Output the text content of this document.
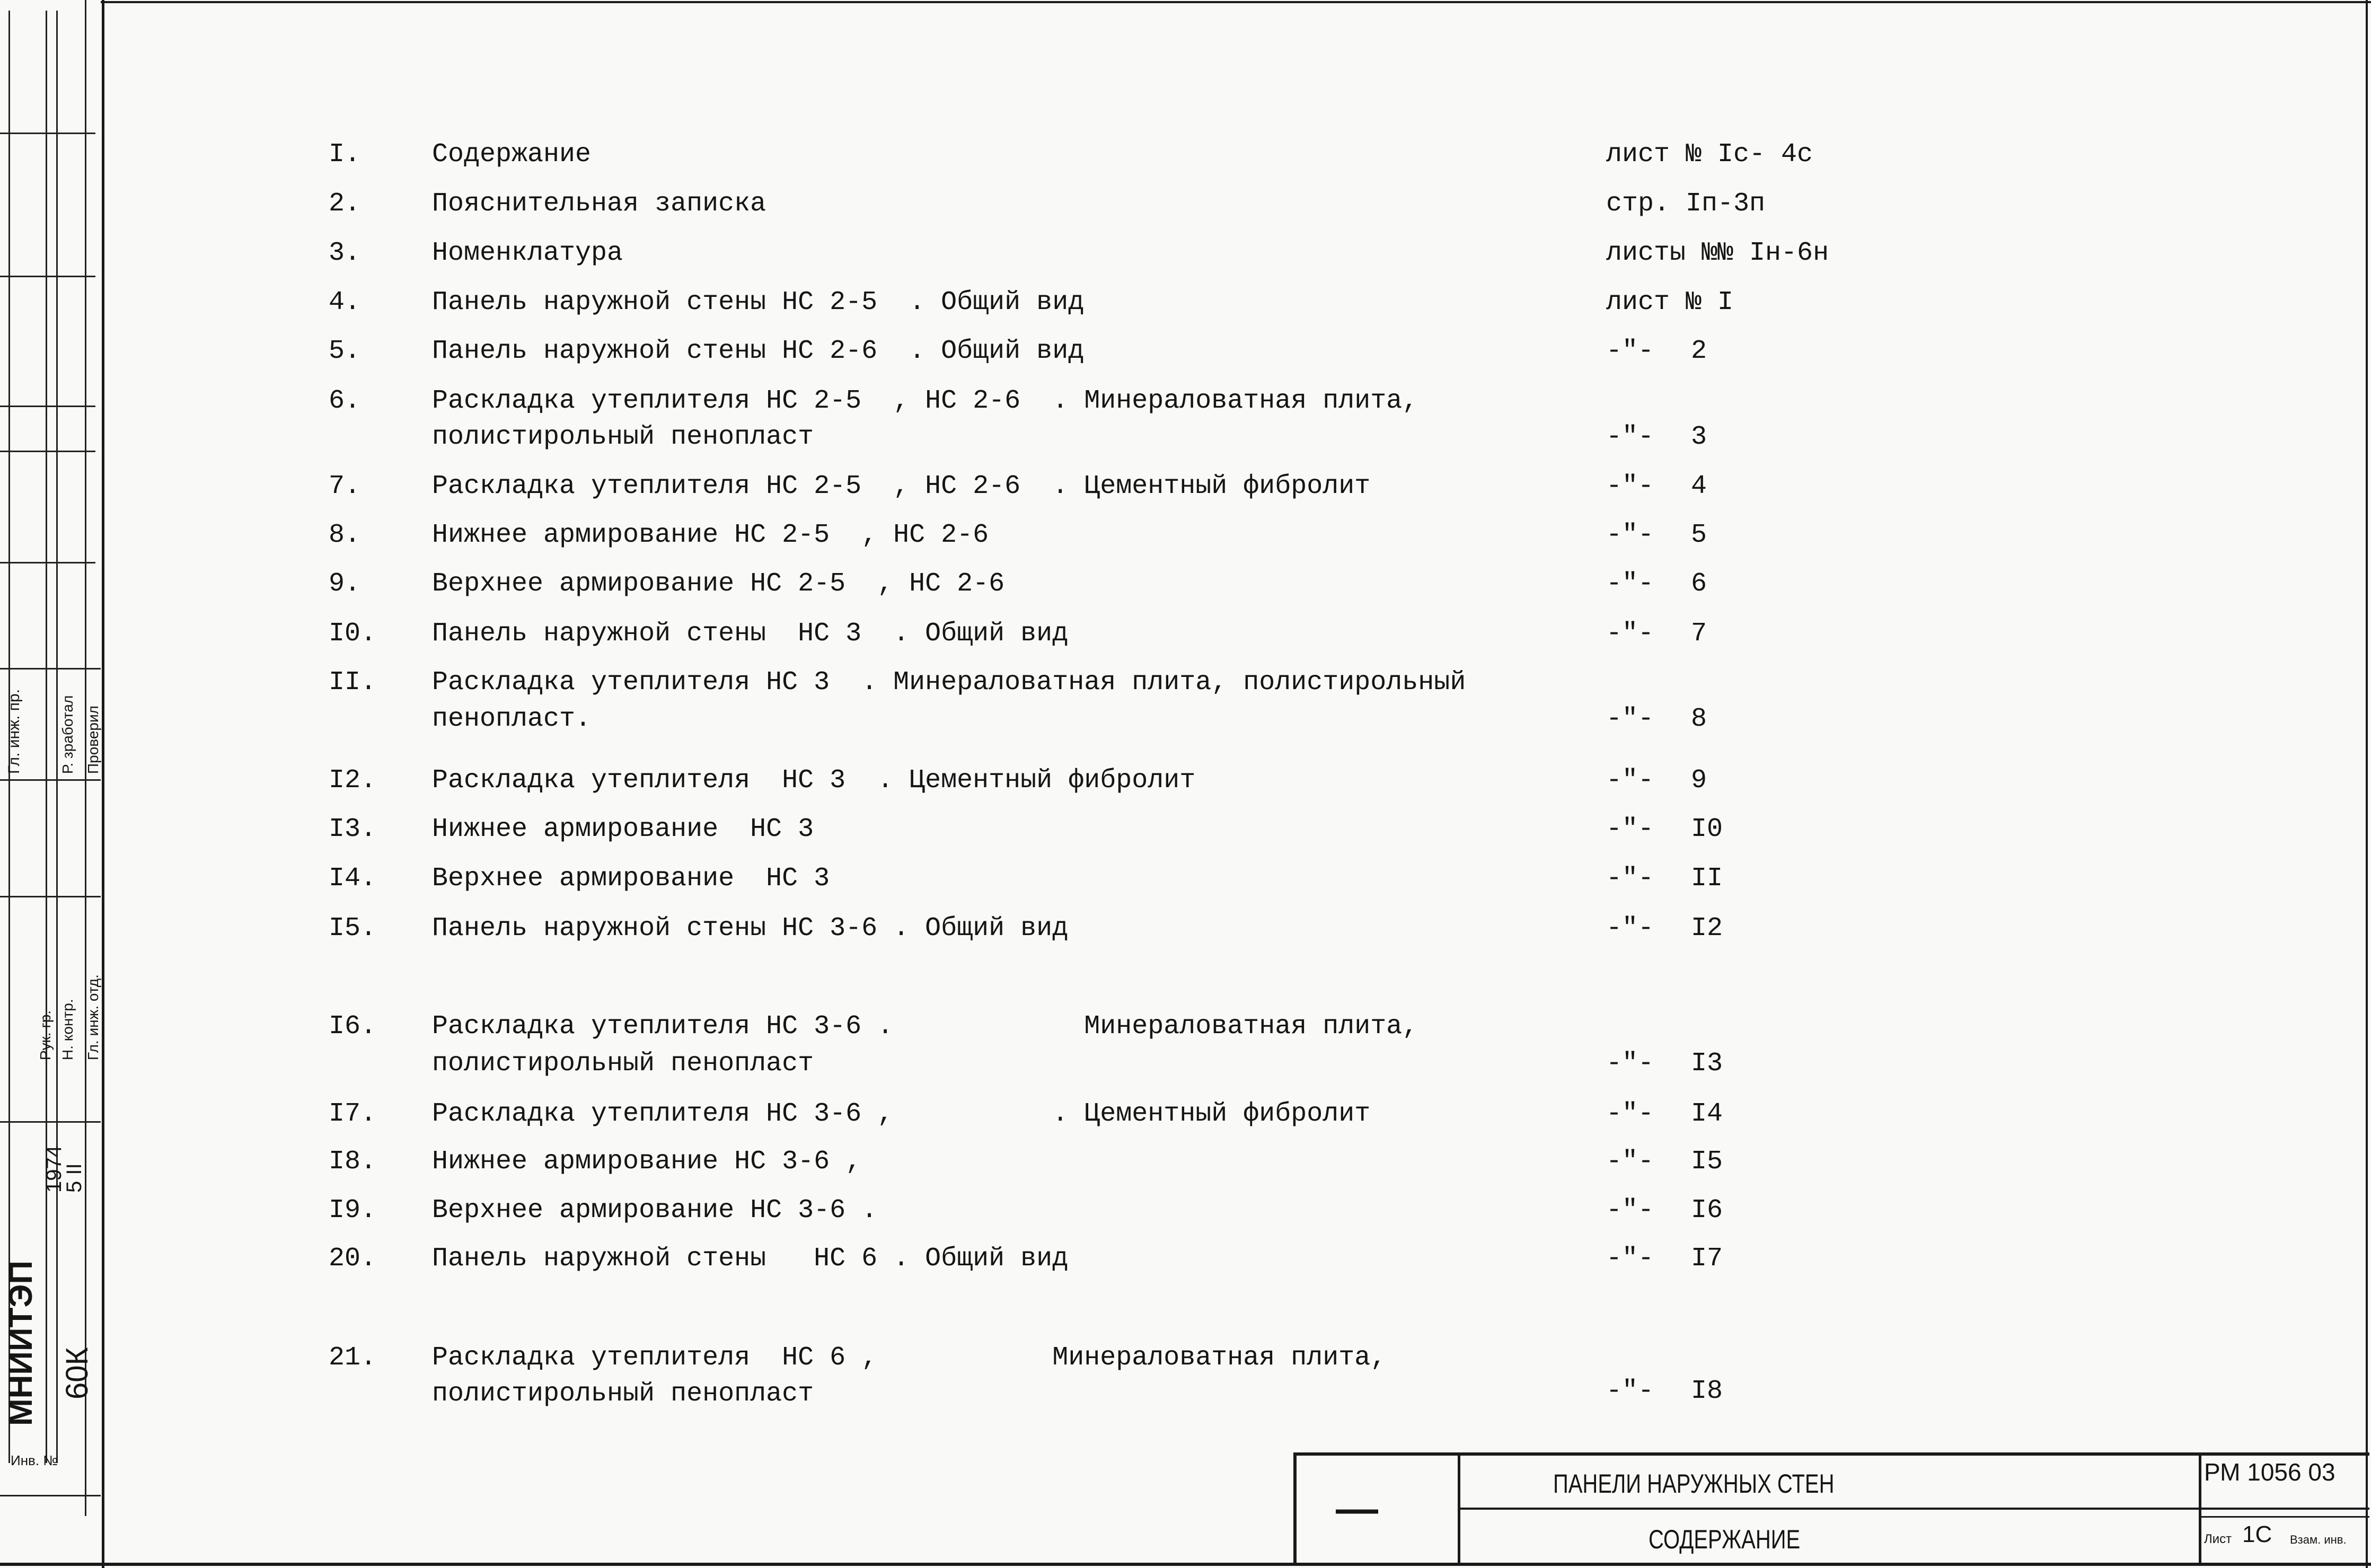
Гл. инж. пр. Р. зработал Проверил
Гл. инж. отд.
Н. контр.
Рук. гр.
1974
5 II
МНИИТЭП 60К
Инв. №
I.	Содержание	лист № Iс- 4с
2.	Пояснительная записка	стр. Iп-3п
3.	Номенклатура	листы №№ Iн-6н
4.	Панель наружной стены НС 2-5  . Общий вид	лист № I
5.	Панель наружной стены НС 2-6  . Общий вид	-"- 2
6.	Раскладка утеплителя НС 2-5  , НС 2-6  . Минераловатная плита,
полистирольный пенопласт	-"- 3
7.	Раскладка утеплителя НС 2-5  , НС 2-6  . Цементный фибролит	-"- 4
8.	Нижнее армирование НС 2-5  , НС 2-6	-"- 5
9.	Верхнее армирование НС 2-5  , НС 2-6	-"- 6
I0. Панель наружной стены  НС 3  . Общий вид	-"- 7
II. Раскладка утеплителя НС 3  . Минераловатная плита, полистирольный
пенопласт.	-"- 8
I2. Раскладка утеплителя  НС 3  . Цементный фибролит	-"- 9
I3. Нижнее армирование  НС 3	-"- I0
I4. Верхнее армирование  НС 3	-"- II
I5. Панель наружной стены НС 3-6 . Общий вид	-"- I2
I6. Раскладка утеплителя НС 3-6 .            Минераловатная плита,
полистирольный пенопласт	-"- I3
I7. Раскладка утеплителя НС 3-6 ,          . Цементный фибролит	-"- I4
I8. Нижнее армирование НС 3-6 ,	-"- I5
I9. Верхнее армирование НС 3-6 .	-"- I6
20. Панель наружной стены   НС 6 . Общий вид	-"- I7
21. Раскладка утеплителя  НС 6 ,           Минераловатная плита,
полистирольный пенопласт	-"- I8
—
ПАНЕЛИ НАРУЖНЫХ СТЕН
СОДЕРЖАНИЕ
РМ 1056 03
Лист 1С Взам. инв.
